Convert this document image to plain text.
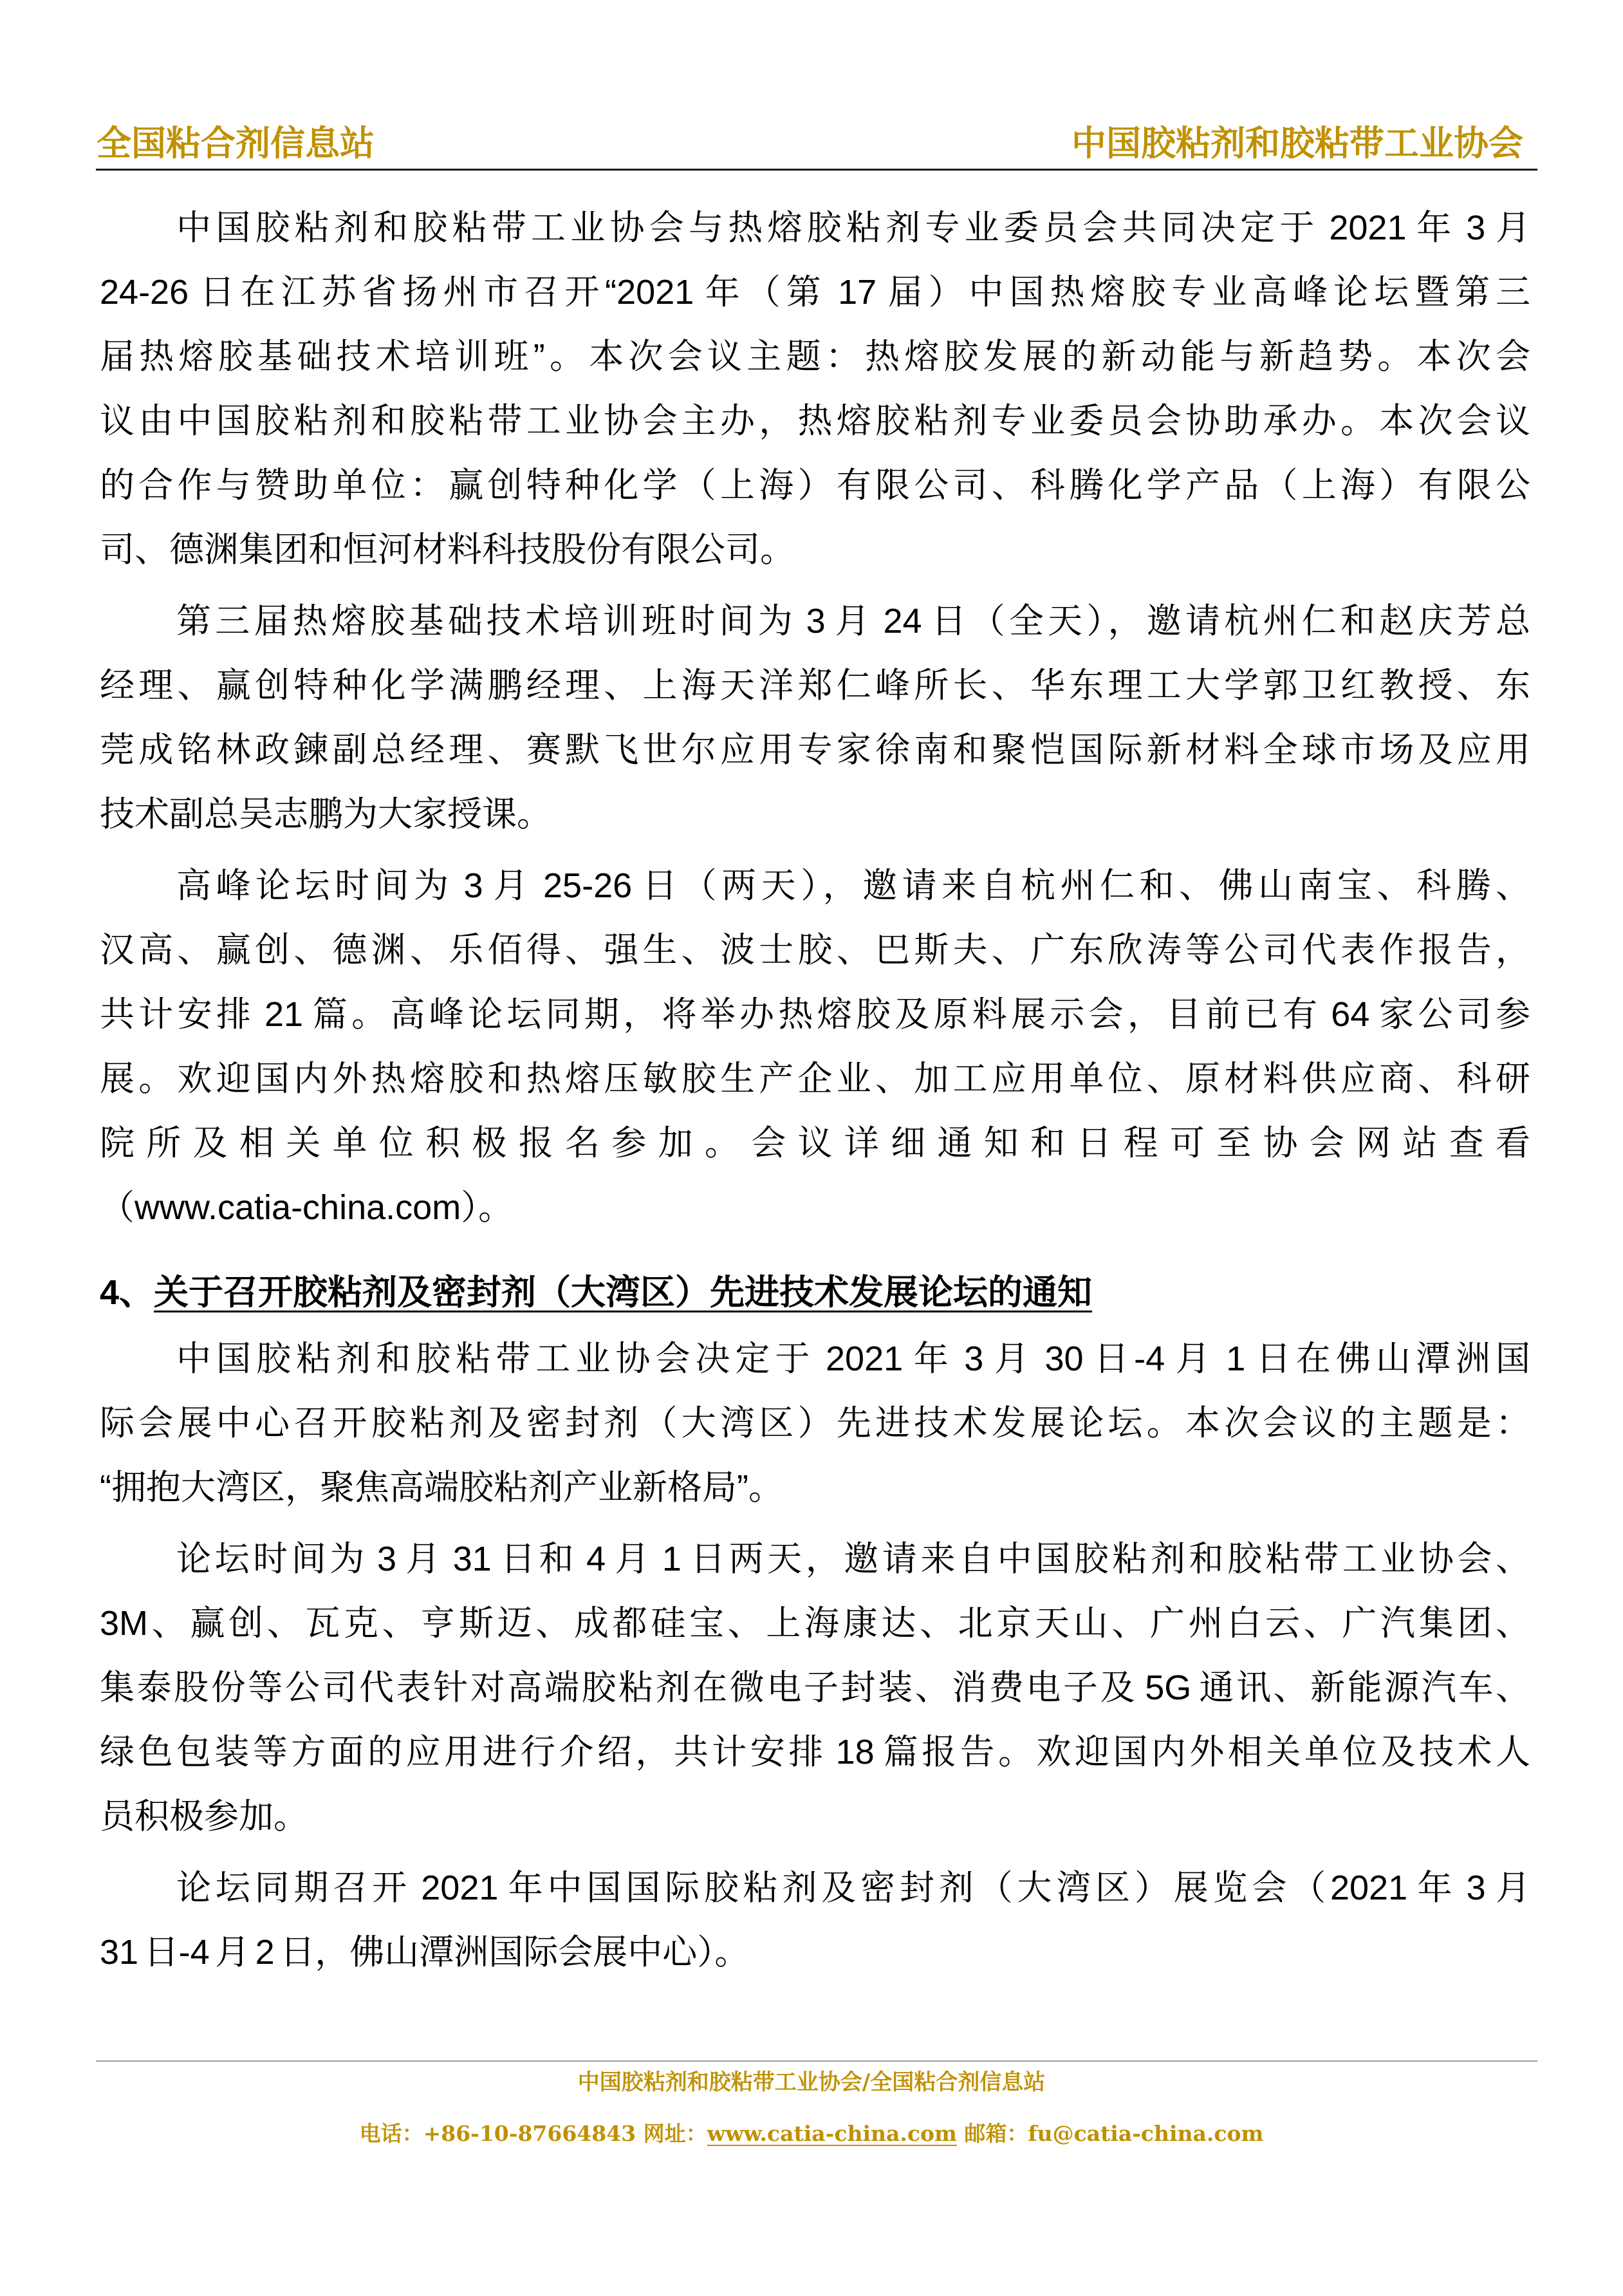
全国粘合剂信息站	中国胶粘剂和胶粘带工业协会
中国胶粘剂和胶粘带工业协会与热熔胶粘剂专业委员会共同决定于 2021 年 3 月
24-26 日在江苏省扬州市召开“2021 年（第 17 届）中国热熔胶专业高峰论坛暨第三
届热熔胶基础技术培训班”。本次会议主题：热熔胶发展的新动能与新趋势。本次会
议由中国胶粘剂和胶粘带工业协会主办，热熔胶粘剂专业委员会协助承办。本次会议
的合作与赞助单位：赢创特种化学（上海）有限公司、科腾化学产品（上海）有限公
司、德渊集团和恒河材料科技股份有限公司。
第三届热熔胶基础技术培训班时间为 3 月 24 日（全天），邀请杭州仁和赵庆芳总
经理、赢创特种化学满鹏经理、上海天洋郑仁峰所长、华东理工大学郭卫红教授、东
莞成铭林政鍊副总经理、赛默飞世尔应用专家徐南和聚恺国际新材料全球市场及应用
技术副总吴志鹏为大家授课。
高峰论坛时间为 3 月 25-26 日（两天），邀请来自杭州仁和、佛山南宝、科腾、
汉高、赢创、德渊、乐佰得、强生、波士胶、巴斯夫、广东欣涛等公司代表作报告，
共计安排 21 篇。高峰论坛同期，将举办热熔胶及原料展示会，目前已有 64 家公司参
展。欢迎国内外热熔胶和热熔压敏胶生产企业、加工应用单位、原材料供应商、科研
院所及相关单位积极报名参加。会议详细通知和日程可至协会网站查看
（www.catia-china.com）。
4、关于召开胶粘剂及密封剂（大湾区）先进技术发展论坛的通知
中国胶粘剂和胶粘带工业协会决定于 2021 年 3 月 30 日-4 月 1 日在佛山潭洲国
际会展中心召开胶粘剂及密封剂（大湾区）先进技术发展论坛。本次会议的主题是：
“拥抱大湾区，聚焦高端胶粘剂产业新格局”。
论坛时间为 3 月 31 日和 4 月 1 日两天，邀请来自中国胶粘剂和胶粘带工业协会、
3M、赢创、瓦克、亨斯迈、成都硅宝、上海康达、北京天山、广州白云、广汽集团、
集泰股份等公司代表针对高端胶粘剂在微电子封装、消费电子及 5G 通讯、新能源汽车、
绿色包装等方面的应用进行介绍，共计安排 18 篇报告。欢迎国内外相关单位及技术人
员积极参加。
论坛同期召开 2021 年中国国际胶粘剂及密封剂（大湾区）展览会（2021 年 3 月
31 日-4 月 2 日，佛山潭洲国际会展中心）。
中国胶粘剂和胶粘带工业协会/全国粘合剂信息站
电话：+86-10-87664843 网址：www.catia-china.com 邮箱：fu@catia-china.com
